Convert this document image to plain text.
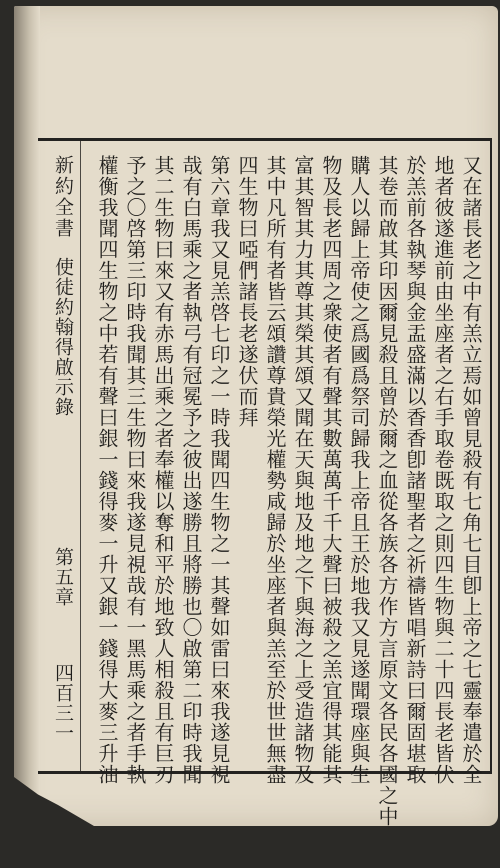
又在諸長老之中有羔立焉如曾見殺有七角七目卽上帝之七靈奉遣於全
地者彼遂進前由坐座者之右手取卷既取之則四生物與二十四長老皆伏
於羔前各執琴與金盂盛滿以香香卽諸聖者之祈禱皆唱新詩曰爾固堪取
其卷而啟其印因爾見殺且曾於爾之血從各族各方作方言原文各民各國之中
購人以歸上帝使之爲國爲祭司歸我上帝且王於地我又見遂聞環座與生
物及長老四周之衆使者有聲其數萬萬千千大聲曰被殺之羔宜得其能其
富其智其力其尊其榮其頌又聞在天與地及地之下與海之上受造諸物及
其中凡所有者皆云頌讚尊貴榮光權勢咸歸於坐座者與羔至於世世無盡
四生物曰啞們諸長老遂伏而拜
第六章我又見羔啓七印之一時我聞四生物之一其聲如雷曰來我遂見視
哉有白馬乘之者執弓有冠冕予之彼出遂勝且將勝也〇啟第二印時我聞
其二生物曰來又有赤馬出乘之者奉權以奪和平於地致人相殺且有巨刃
予之〇啓第三印時我聞其三生物曰來我遂見視哉有一黑馬乘之者手執
權衡我聞四生物之中若有聲曰銀一錢得麥一升又銀一錢得大麥三升油
新約全書
使徒約翰得啟示錄
第五章
四百三一
